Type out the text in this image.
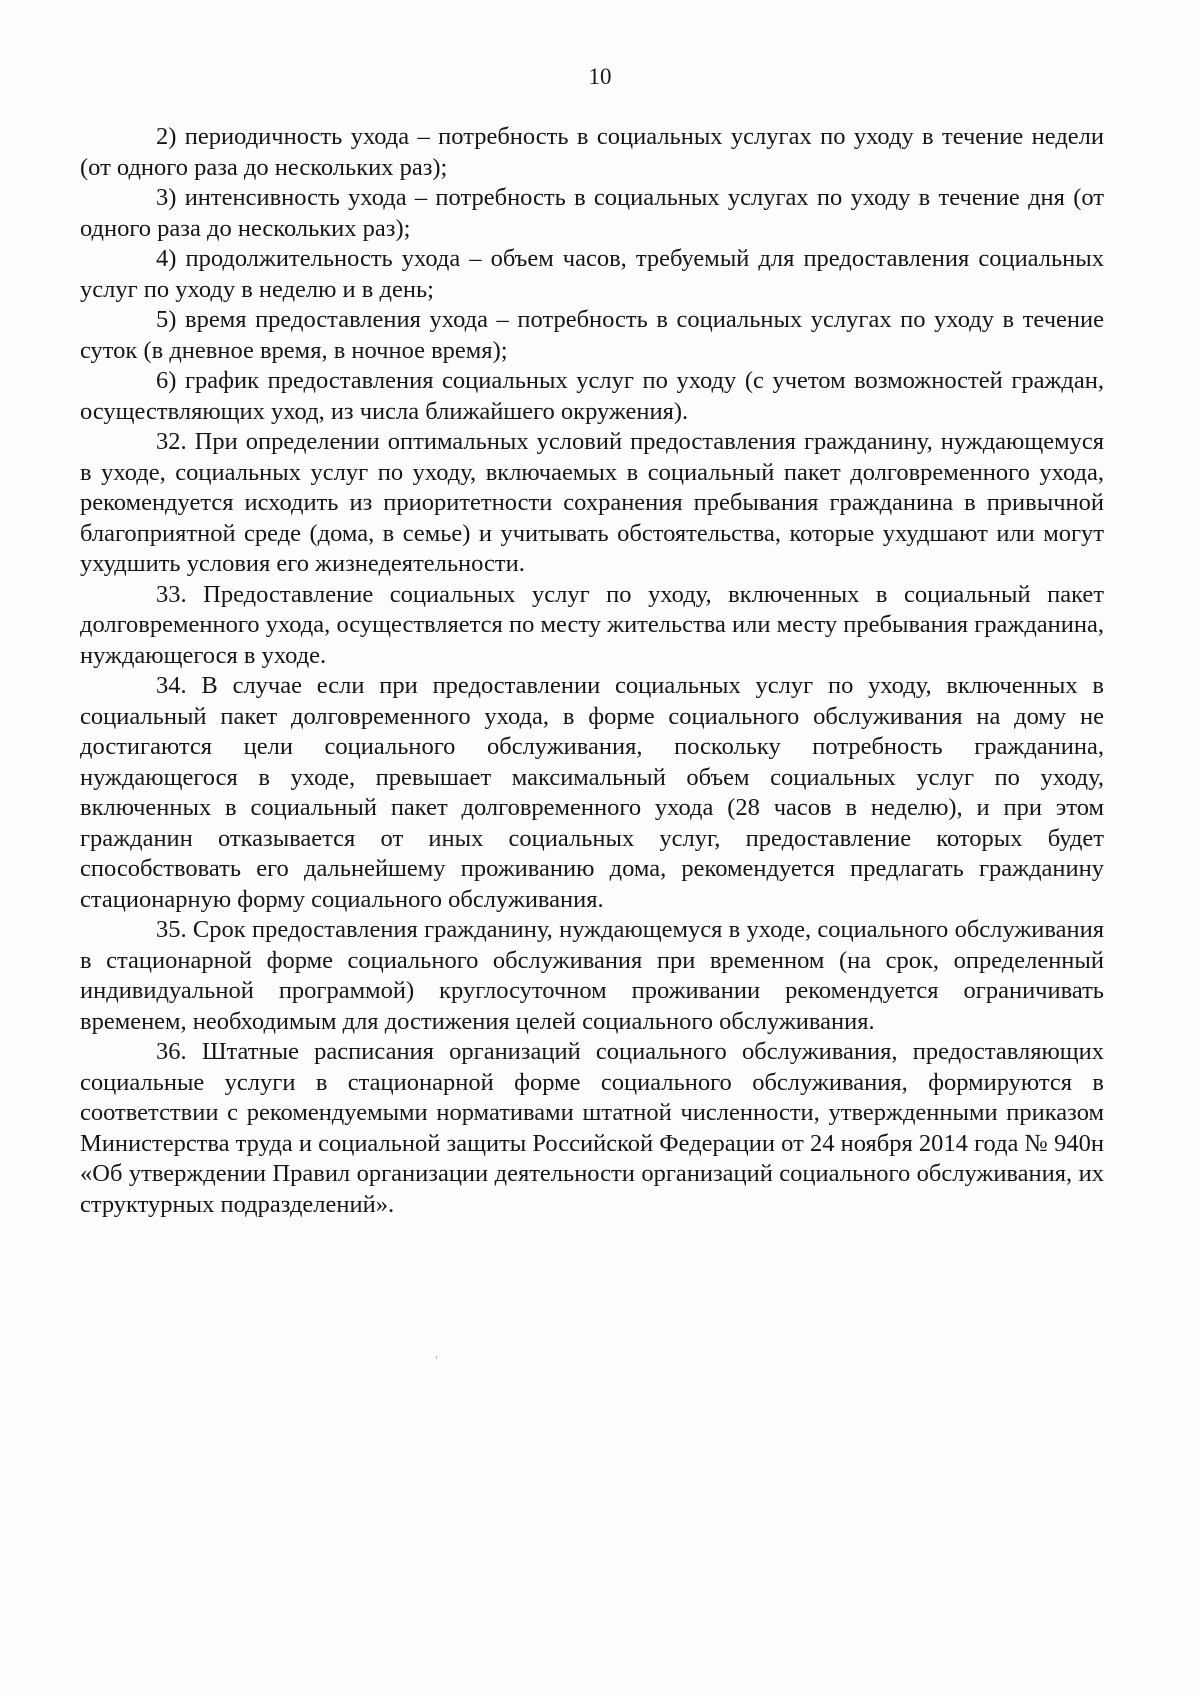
10

2) периодичность ухода – потребность в социальных услугах по уходу в течение недели (от одного раза до нескольких раз);

3) интенсивность ухода – потребность в социальных услугах по уходу в течение дня (от одного раза до нескольких раз);

4) продолжительность ухода – объем часов, требуемый для предоставления социальных услуг по уходу в неделю и в день;

5) время предоставления ухода – потребность в социальных услугах по уходу в течение суток (в дневное время, в ночное время);

6) график предоставления социальных услуг по уходу (с учетом возможностей граждан, осуществляющих уход, из числа ближайшего окружения).

32. При определении оптимальных условий предоставления гражданину, нуждающемуся в уходе, социальных услуг по уходу, включаемых в социальный пакет долговременного ухода, рекомендуется исходить из приоритетности сохранения пребывания гражданина в привычной благоприятной среде (дома, в семье) и учитывать обстоятельства, которые ухудшают или могут ухудшить условия его жизнедеятельности.

33. Предоставление социальных услуг по уходу, включенных в социальный пакет долговременного ухода, осуществляется по месту жительства или месту пребывания гражданина, нуждающегося в уходе.

34. В случае если при предоставлении социальных услуг по уходу, включенных в социальный пакет долговременного ухода, в форме социального обслуживания на дому не достигаются цели социального обслуживания, поскольку потребность гражданина, нуждающегося в уходе, превышает максимальный объем социальных услуг по уходу, включенных в социальный пакет долговременного ухода (28 часов в неделю), и при этом гражданин отказывается от иных социальных услуг, предоставление которых будет способствовать его дальнейшему проживанию дома, рекомендуется предлагать гражданину стационарную форму социального обслуживания.

35. Срок предоставления гражданину, нуждающемуся в уходе, социального обслуживания в стационарной форме социального обслуживания при временном (на срок, определенный индивидуальной программой) круглосуточном проживании рекомендуется ограничивать временем, необходимым для достижения целей социального обслуживания.

36. Штатные расписания организаций социального обслуживания, предоставляющих социальные услуги в стационарной форме социального обслуживания, формируются в соответствии с рекомендуемыми нормативами штатной численности, утвержденными приказом Министерства труда и социальной защиты Российской Федерации от 24 ноября 2014 года № 940н «Об утверждении Правил организации деятельности организаций социального обслуживания, их структурных подразделений».
